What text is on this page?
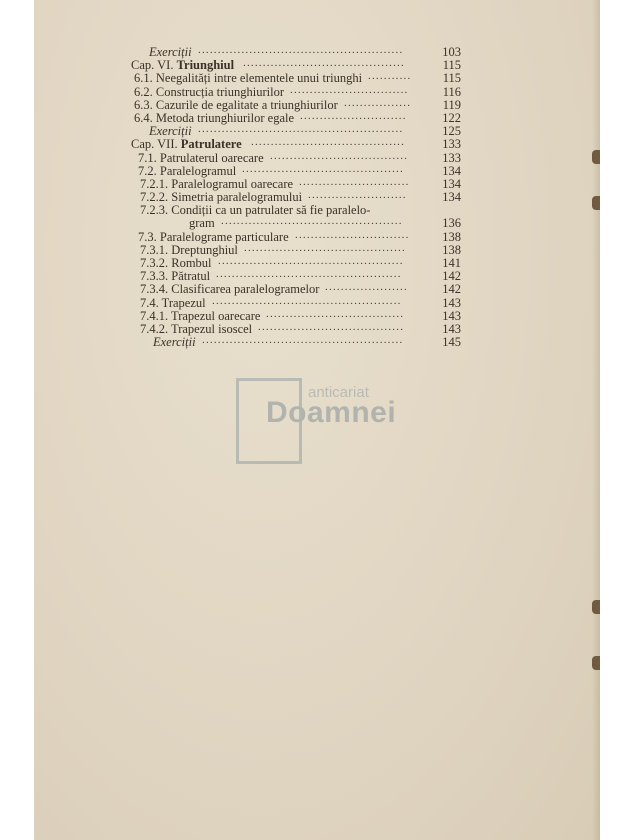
Exerciții ....................................................	103
Cap. VI. Triunghiul .........................................	115
6.1. Neegalități intre elementele unui triunghi ...........	115
6.2. Construcția triunghiurilor ..............................	116
6.3. Cazurile de egalitate a triunghiurilor .................	119
6.4. Metoda triunghiurilor egale ...........................	122
Exerciții ....................................................	125
Cap. VII. Patrulatere .......................................	133
7.1. Patrulaterul oarecare ...................................	133
7.2. Paralelogramul .........................................	134
7.2.1. Paralelogramul oarecare ............................	134
7.2.2. Simetria paralelogramului .........................	134
7.2.3. Condiții ca un patrulater să fie paralelo-
gram ..............................................	136
7.3. Paralelograme particulare .............................	138
7.3.1. Dreptunghiul .........................................	138
7.3.2. Rombul ...............................................	141
7.3.3. Pătratul ...............................................	142
7.3.4. Clasificarea paralelogramelor .....................	142
7.4. Trapezul ................................................	143
7.4.1. Trapezul oarecare ...................................	143
7.4.2. Trapezul isoscel .....................................	143
Exerciții ...................................................	145
anticariat
Doamnei
